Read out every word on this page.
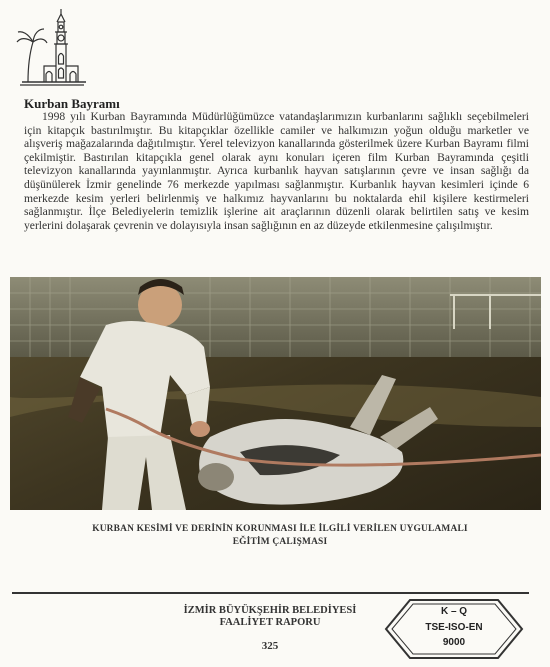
Kurban Bayramı

1998 yılı Kurban Bayramında Müdürlüğümüzce vatandaşlarımızın kurbanlarını sağlıklı seçebilmeleri için kitapçık bastırılmıştır. Bu kitapçıklar özellikle camiler ve halkımızın yoğun olduğu marketler ve alışveriş mağazalarında dağıtılmıştır. Yerel televizyon kanallarında gösterilmek üzere Kurban Bayramı filmi çekilmiştir. Bastırılan kitapçıkla genel olarak aynı konuları içeren film Kurban Bayramında çeşitli televizyon kanallarında yayınlanmıştır. Ayrıca kurbanlık hayvan satışlarının çevre ve insan sağlığı da düşünülerek İzmir genelinde 76 merkezde yapılması sağlanmıştır. Kurbanlık hayvan kesimleri içinde 6 merkezde kesim yerleri belirlenmiş ve halkımız hayvanlarını bu noktalarda ehil kişilere kestirmeleri sağlanmıştır. İlçe Belediyelerin temizlik işlerine ait araçlarının düzenli olarak belirtilen satış ve kesim yerlerini dolaşarak çevrenin ve dolayısıyla insan sağlığının en az düzeyde etkilenmesine çalışılmıştır.

KURBAN KESİMİ VE DERİNİN KORUNMASI İLE İLGİLİ VERİLEN UYGULAMALI
EĞİTİM ÇALIŞMASI
İZMİR BÜYÜKŞEHİR BELEDİYESİ
FAALİYET RAPORU
325
K – Q
TSE-ISO-EN
9000
